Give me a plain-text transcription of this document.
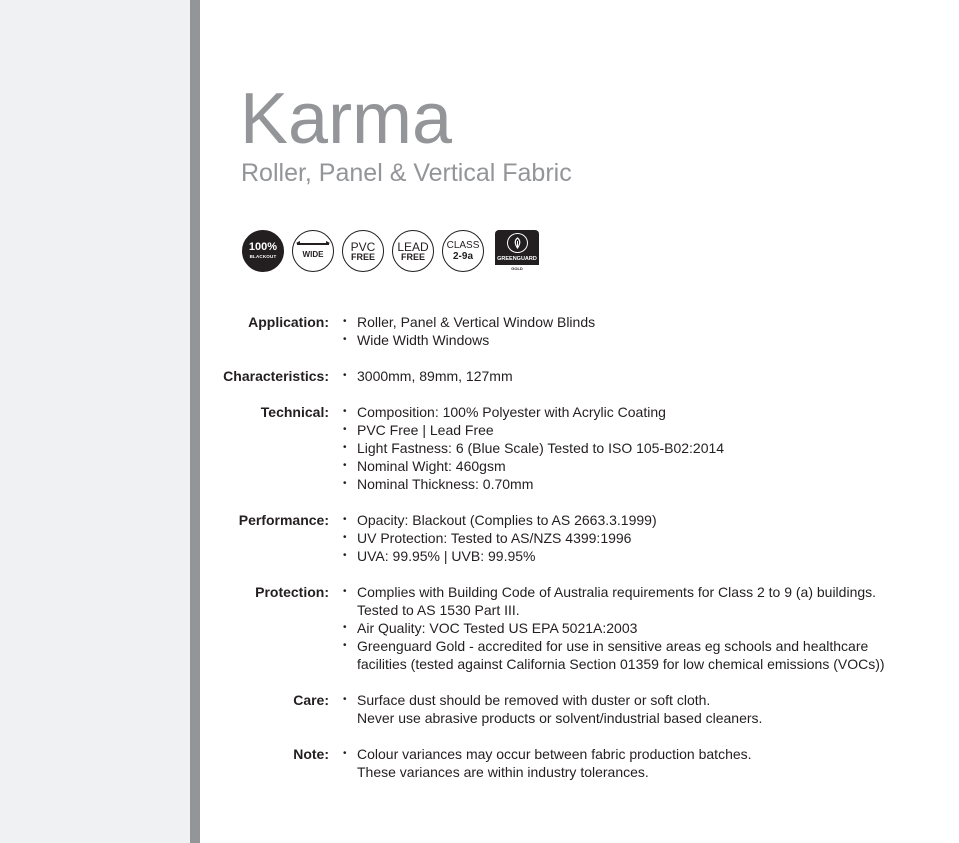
Karma
Roller, Panel & Vertical Fabric
100%
BLACKOUT	WIDE
PVC
FREE
LEAD
FREE
CLASS
2-9a	GREENGUARD
GOLD
Application: • Roller, Panel & Vertical Window Blinds
• Wide Width Windows
Characteristics: • 3000mm, 89mm, 127mm
Technical: • Composition: 100% Polyester with Acrylic Coating
• PVC Free | Lead Free
• Light Fastness: 6 (Blue Scale) Tested to ISO 105-B02:2014
• Nominal Wight: 460gsm
• Nominal Thickness: 0.70mm
Performance: • Opacity: Blackout (Complies to AS 2663.3.1999)
• UV Protection: Tested to AS/NZS 4399:1996
• UVA: 99.95% | UVB: 99.95%
Protection: • Complies with Building Code of Australia requirements for Class 2 to 9 (a) buildings.
Tested to AS 1530 Part III.
• Air Quality: VOC Tested US EPA 5021A:2003
• Greenguard Gold - accredited for use in sensitive areas eg schools and healthcare
facilities (tested against California Section 01359 for low chemical emissions (VOCs))
Care: • Surface dust should be removed with duster or soft cloth.
Never use abrasive products or solvent/industrial based cleaners.
Note: • Colour variances may occur between fabric production batches.
These variances are within industry tolerances.
